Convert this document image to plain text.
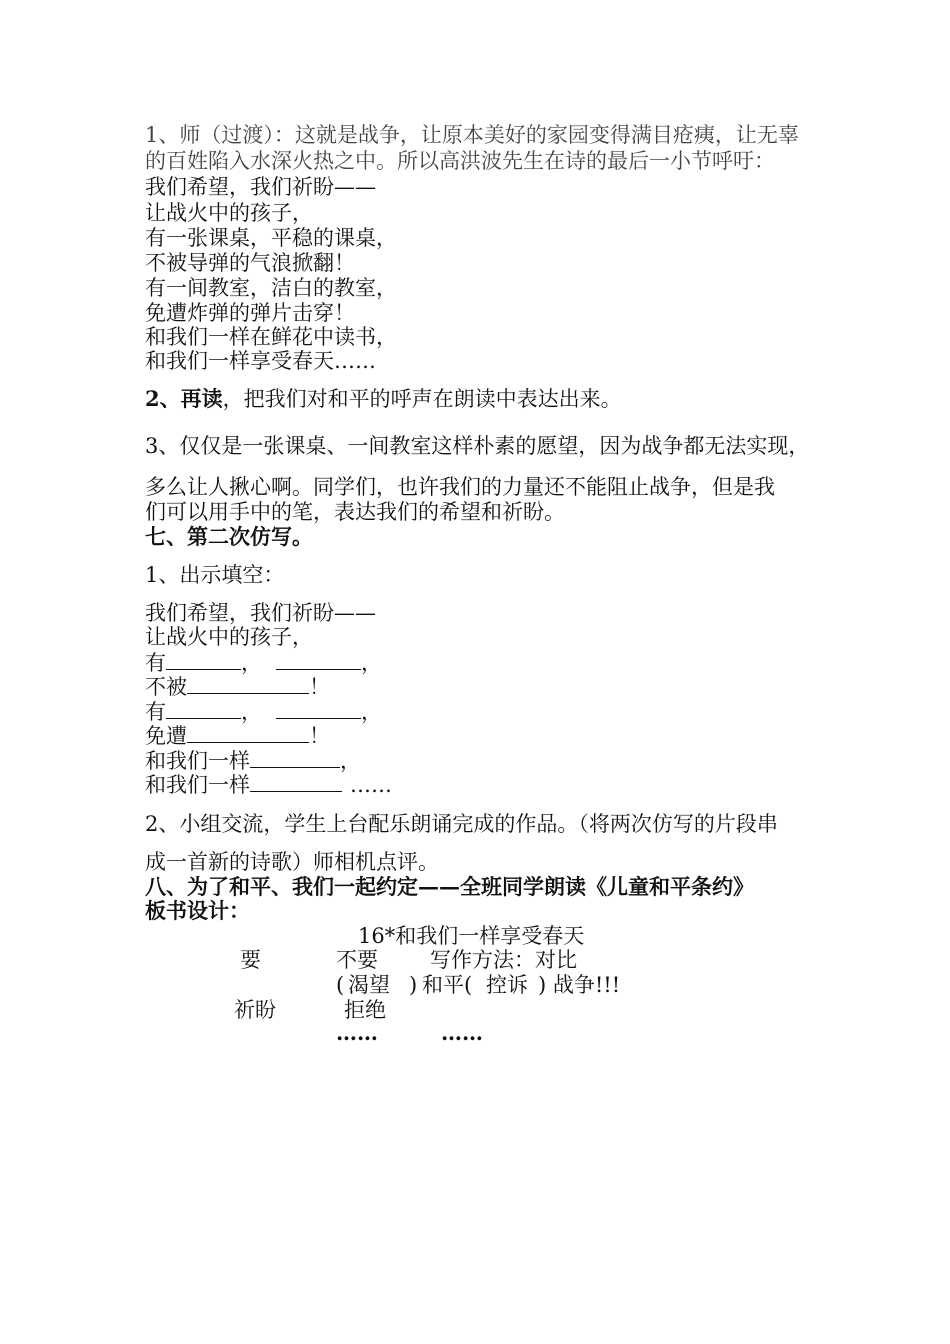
1、师（过渡）：这就是战争，让原本美好的家园变得满目疮痍，让无辜
的百姓陷入水深火热之中。所以高洪波先生在诗的最后一小节呼吁：
我们希望，我们祈盼——
让战火中的孩子，
有一张课桌，平稳的课桌，
不被导弹的气浪掀翻！
有一间教室，洁白的教室，
免遭炸弹的弹片击穿！
和我们一样在鲜花中读书，
和我们一样享受春天……
2、再读，把我们对和平的呼声在朗读中表达出来。
3、仅仅是一张课桌、一间教室这样朴素的愿望，因为战争都无法实现，
多么让人揪心啊。同学们，也许我们的力量还不能阻止战争，但是我
们可以用手中的笔，表达我们的希望和祈盼。
七、第二次仿写。
1、出示填空：
我们希望，我们祈盼——
让战火中的孩子，
有	，	，
不被	！
有	，	，
免遭	！
和我们一样	，
和我们一样	……
2、小组交流，学生上台配乐朗诵完成的作品。（将两次仿写的片段串
成一首新的诗歌）师相机点评。
八、为了和平、我们一起约定——全班同学朗读《儿童和平条约》
板书设计：
16*和我们一样享受春天
要	不要 写作方法：对比
( 渴望 ) 和平( 控诉 ) 战争!!!
祈盼	拒绝
……	……
